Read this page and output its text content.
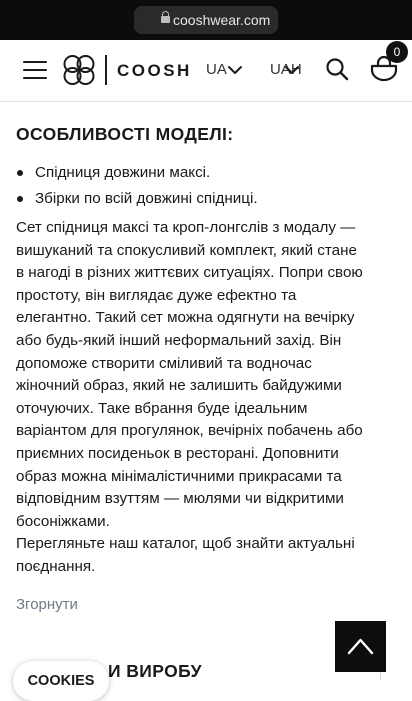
cooshwear.com
COOSH UA	UAH
0
ОСОБЛИВОСТІ МОДЕЛІ:
Спідниця довжини максі.
Збірки по всій довжині спідниці.
Сет спідниця максі та кроп-лонгслів з модалу —
вишуканий та спокусливий комплект, який стане
в нагоді в різних життєвих ситуаціях. Попри свою
простоту, він виглядає дуже ефектно та
елегантно. Такий сет можна одягнути на вечірку
або будь-який інший неформальний захід. Він
допоможе створити сміливий та водночас
жіночний образ, який не залишить байдужими
оточуючих. Таке вбрання буде ідеальним
варіантом для прогулянок, вечірніх побачень або
приємних посиденьок в ресторані. Доповнити
образ можна мінімалістичними прикрасами та
відповідним взуттям — мюлями чи відкритими
босоніжками.
Перегляньте наш каталог, щоб знайти актуальні
поєднання.
Згорнути
И ВИРОБУ
COOKIES
